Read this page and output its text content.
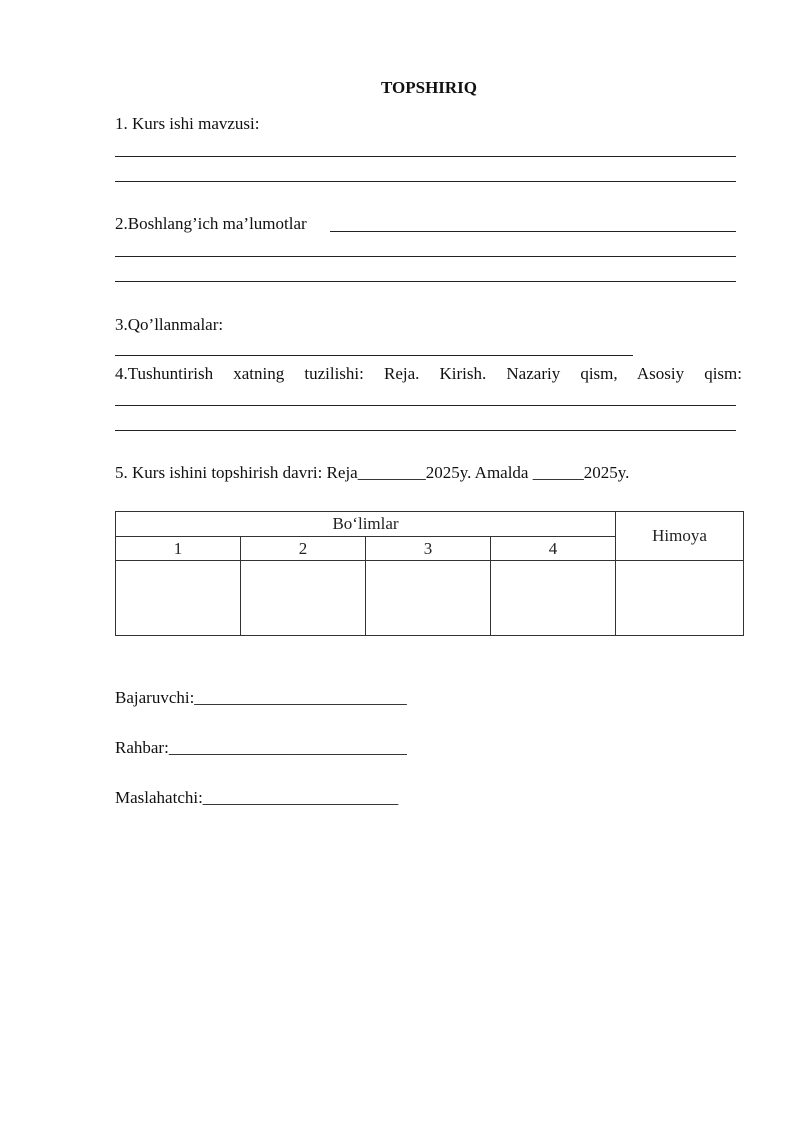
TOPSHIRIQ
1. Kurs ishi mavzusi:
2.Boshlang’ich ma’lumotlar
3.Qo’llanmalar:
4.Tushuntirish xatning tuzilishi: Reja. Kirish. Nazariy qism, Asosiy qism:
5. Kurs ishini topshirish davri: Reja________2025y. Amalda ______2025y.
Bo‘limlar				Himoya
1	2	3	4	

Bajaruvchi:_________________________
Rahbar:____________________________
Maslahatchi:_______________________
